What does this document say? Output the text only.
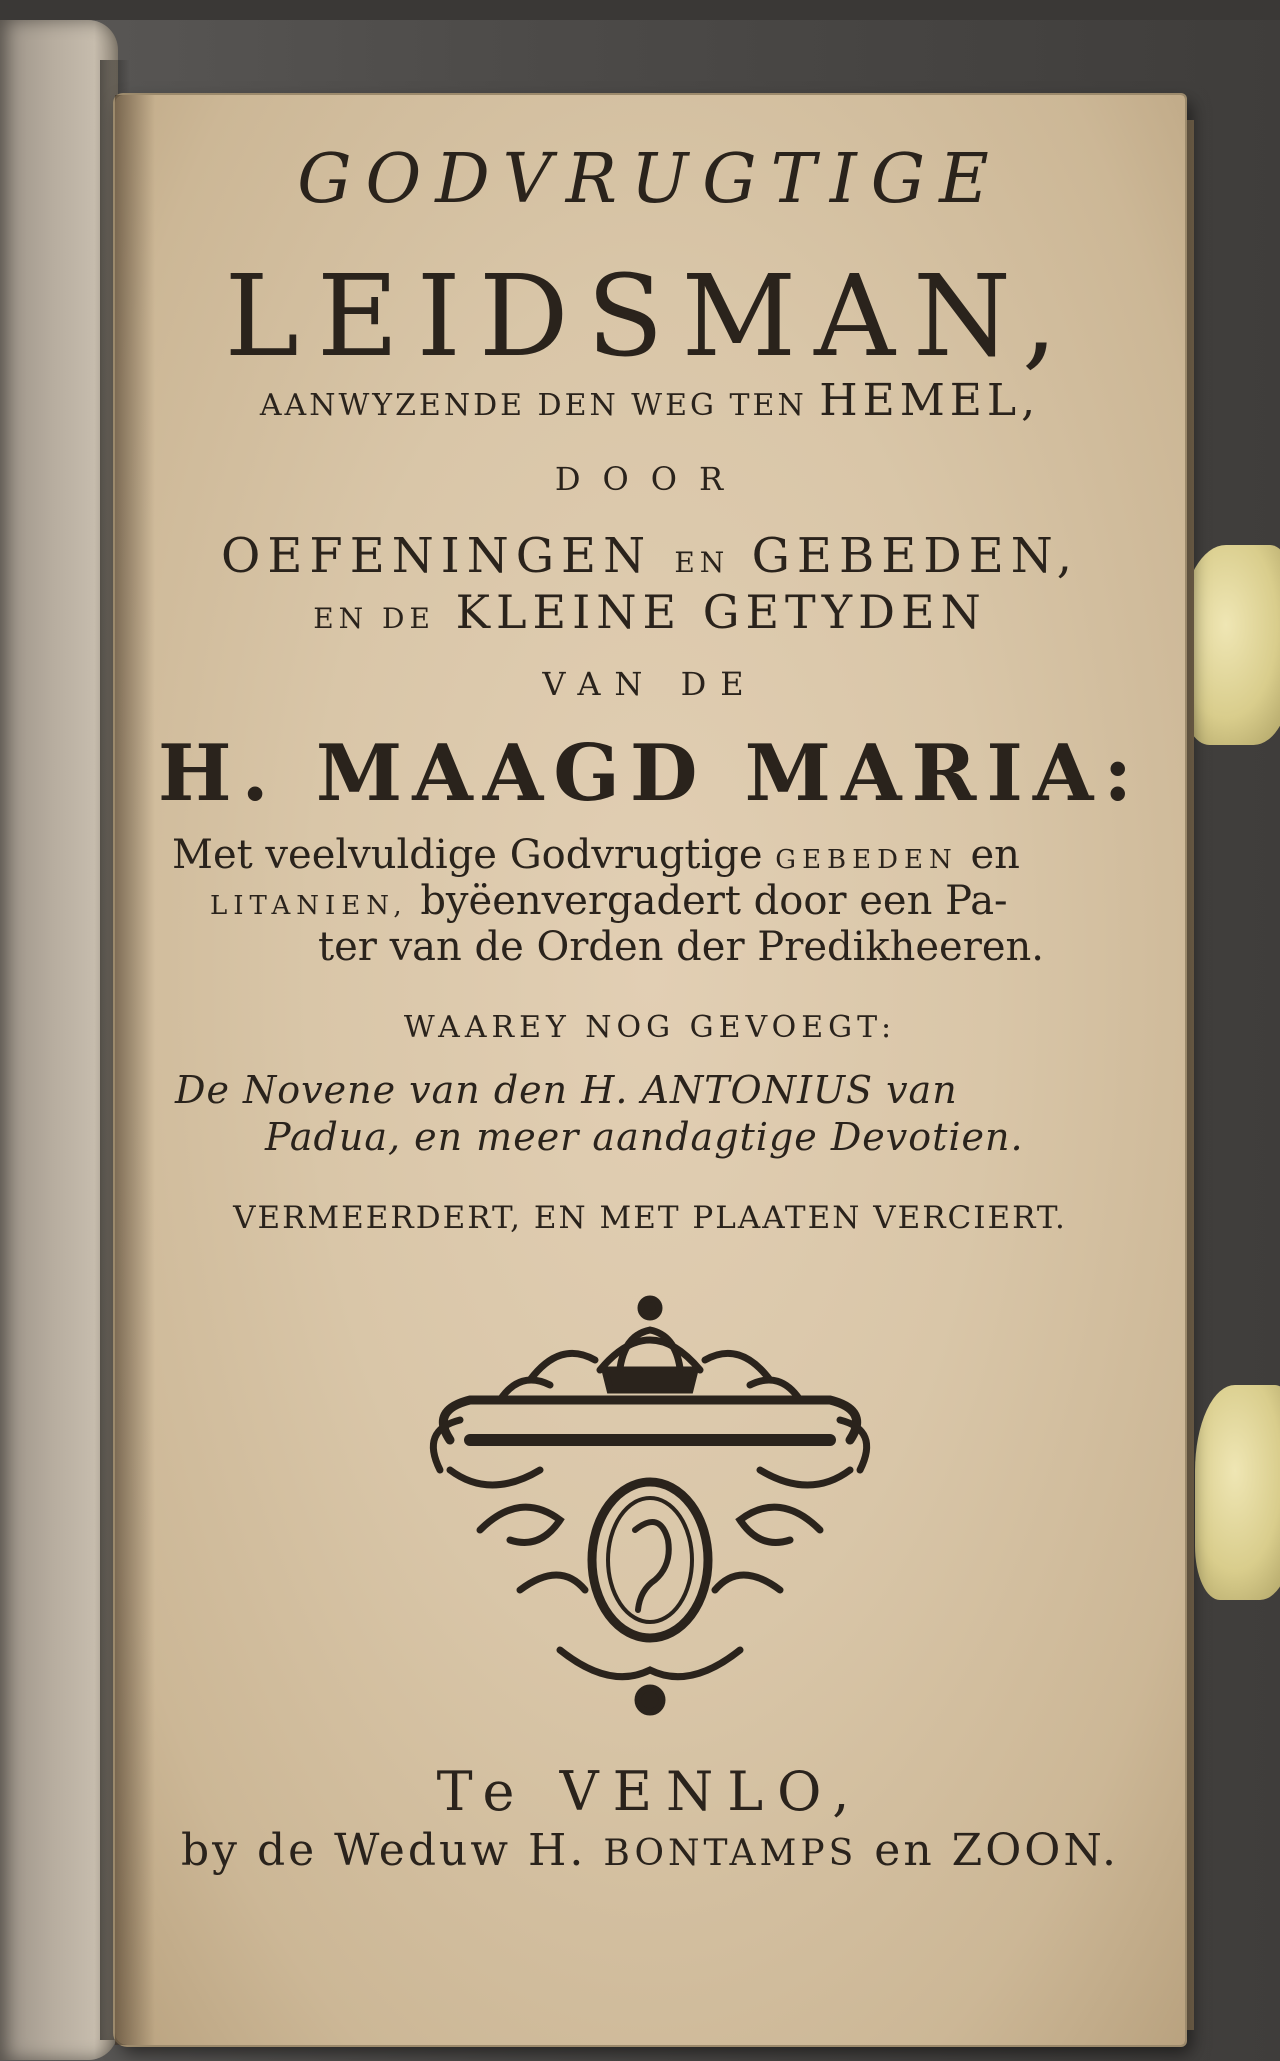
GODVRUGTIGE
LEIDSMAN,
AANWYZENDE DEN WEG TEN HEMEL,
DOOR
OEFENINGEN EN GEBEDEN,
EN DE KLEINE GETYDEN
VAN DE
H. MAAGD MARIA:
Met veelvuldige Godvrugtige GEBEDEN en
LITANIEN, byëenvergadert door een Pa-
ter van de Orden der Predikheeren.
WAAREY NOG GEVOEGT:
De Novene van den H. ANTONIUS van
Padua, en meer aandagtige Devotien.
VERMEERDERT, EN MET PLAATEN VERCIERT.
Te VENLO,
by de Weduw H. BONTAMPS en ZOON.
